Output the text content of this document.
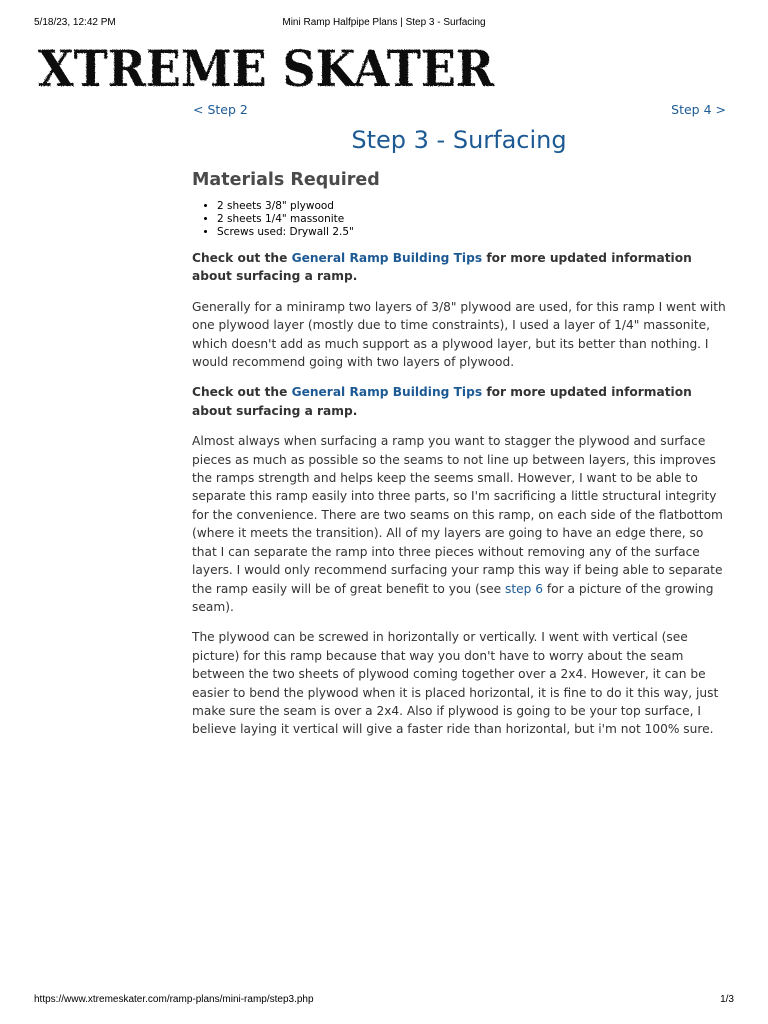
5/18/23, 12:42 PM	Mini Ramp Halfpipe Plans | Step 3 - Surfacing
XTREME SKATER
< Step 2	Step 4 >
Step 3 - Surfacing
Materials Required
• 2 sheets 3/8" plywood
• 2 sheets 1/4" massonite
• Screws used: Drywall 2.5"

Check out the General Ramp Building Tips for more updated information about surfacing a ramp.

Generally for a miniramp two layers of 3/8" plywood are used, for this ramp I went with one plywood layer (mostly due to time constraints), I used a layer of 1/4" massonite, which doesn't add as much support as a plywood layer, but its better than nothing. I would recommend going with two layers of plywood.

Check out the General Ramp Building Tips for more updated information about surfacing a ramp.

Almost always when surfacing a ramp you want to stagger the plywood and surface pieces as much as possible so the seams to not line up between layers, this improves the ramps strength and helps keep the seems small. However, I want to be able to separate this ramp easily into three parts, so I'm sacrificing a little structural integrity for the convenience. There are two seams on this ramp, on each side of the flatbottom (where it meets the transition). All of my layers are going to have an edge there, so that I can separate the ramp into three pieces without removing any of the surface layers. I would only recommend surfacing your ramp this way if being able to separate the ramp easily will be of great benefit to you (see step 6 for a picture of the growing seam).

The plywood can be screwed in horizontally or vertically. I went with vertical (see picture) for this ramp because that way you don't have to worry about the seam between the two sheets of plywood coming together over a 2x4. However, it can be easier to bend the plywood when it is placed horizontal, it is fine to do it this way, just make sure the seam is over a 2x4. Also if plywood is going to be your top surface, I believe laying it vertical will give a faster ride than horizontal, but i'm not 100% sure.

https://www.xtremeskater.com/ramp-plans/mini-ramp/step3.php	1/3
